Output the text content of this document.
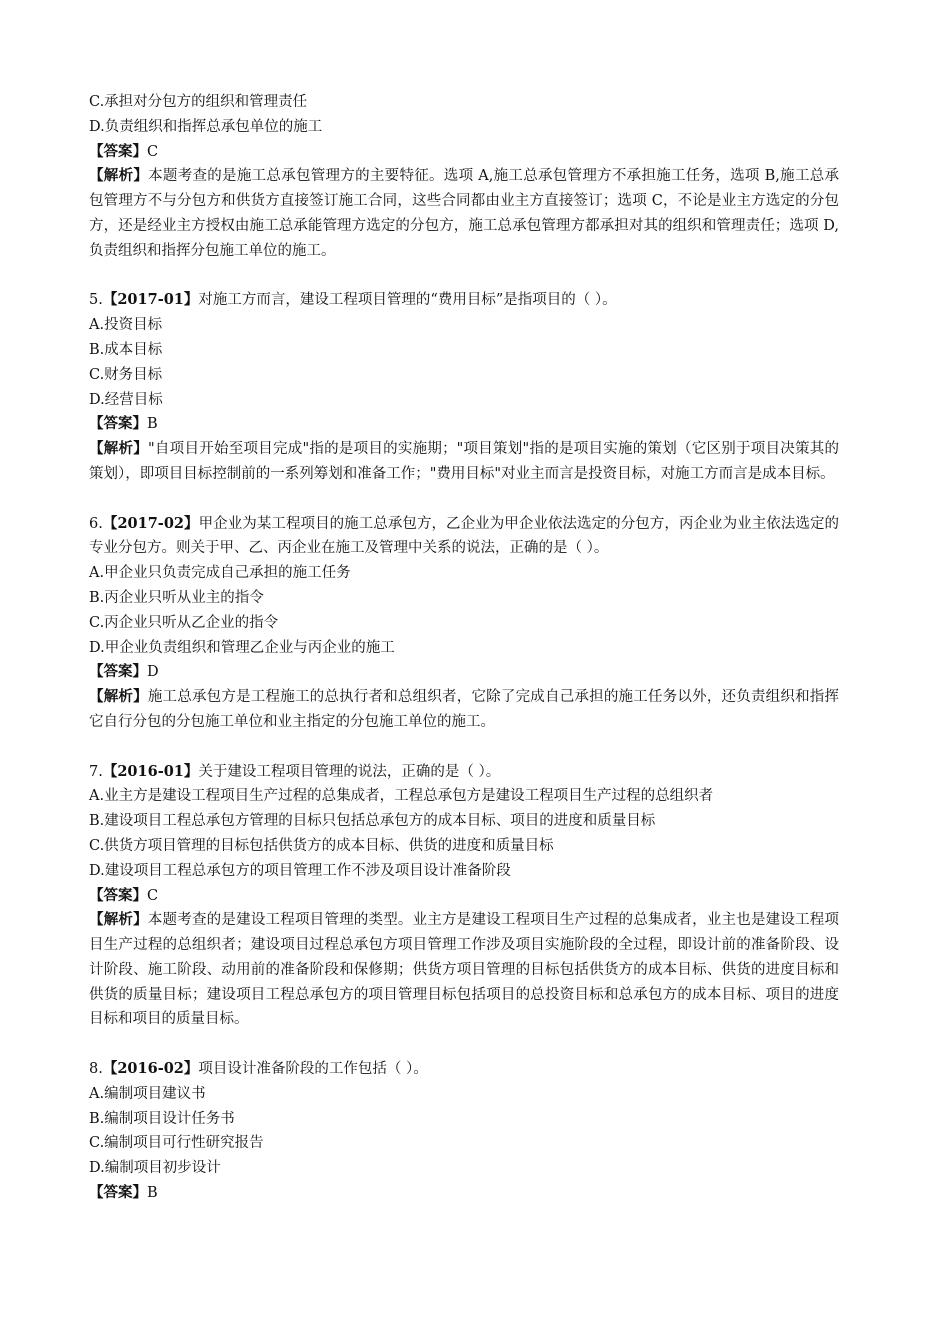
C.承担对分包方的组织和管理责任
D.负责组织和指挥总承包单位的施工
【答案】C
【解析】本题考查的是施工总承包管理方的主要特征。选项 A,施工总承包管理方不承担施工任务，选项 B,施工总承包管理方不与分包方和供货方直接签订施工合同，这些合同都由业主方直接签订；选项 C，不论是业主方选定的分包方，还是经业主方授权由施工总承能管理方选定的分包方，施工总承包管理方都承担对其的组织和管理责任；选项 D,负责组织和指挥分包施工单位的施工。
5.【2017-01】对施工方而言，建设工程项目管理的“费用目标”是指项目的（ ）。
A.投资目标
B.成本目标
C.财务目标
D.经营目标
【答案】B
【解析】"自项目开始至项目完成"指的是项目的实施期；"项目策划"指的是项目实施的策划（它区别于项目决策其的策划），即项目目标控制前的一系列筹划和准备工作；"费用目标"对业主而言是投资目标，对施工方而言是成本目标。
6.【2017-02】甲企业为某工程项目的施工总承包方，乙企业为甲企业依法选定的分包方，丙企业为业主依法选定的专业分包方。则关于甲、乙、丙企业在施工及管理中关系的说法，正确的是（ ）。
A.甲企业只负责完成自己承担的施工任务
B.丙企业只听从业主的指令
C.丙企业只听从乙企业的指令
D.甲企业负责组织和管理乙企业与丙企业的施工
【答案】D
【解析】施工总承包方是工程施工的总执行者和总组织者，它除了完成自己承担的施工任务以外，还负责组织和指挥它自行分包的分包施工单位和业主指定的分包施工单位的施工。
7.【2016-01】关于建设工程项目管理的说法，正确的是（ ）。
A.业主方是建设工程项目生产过程的总集成者，工程总承包方是建设工程项目生产过程的总组织者
B.建设项目工程总承包方管理的目标只包括总承包方的成本目标、项目的进度和质量目标
C.供货方项目管理的目标包括供货方的成本目标、供货的进度和质量目标
D.建设项目工程总承包方的项目管理工作不涉及项目设计准备阶段
【答案】C
【解析】本题考查的是建设工程项目管理的类型。业主方是建设工程项目生产过程的总集成者，业主也是建设工程项目生产过程的总组织者；建设项目过程总承包方项目管理工作涉及项目实施阶段的全过程，即设计前的准备阶段、设计阶段、施工阶段、动用前的准备阶段和保修期；供货方项目管理的目标包括供货方的成本目标、供货的进度目标和供货的质量目标；建设项目工程总承包方的项目管理目标包括项目的总投资目标和总承包方的成本目标、项目的进度目标和项目的质量目标。
8.【2016-02】项目设计准备阶段的工作包括（ ）。
A.编制项目建议书
B.编制项目设计任务书
C.编制项目可行性研究报告
D.编制项目初步设计
【答案】B
